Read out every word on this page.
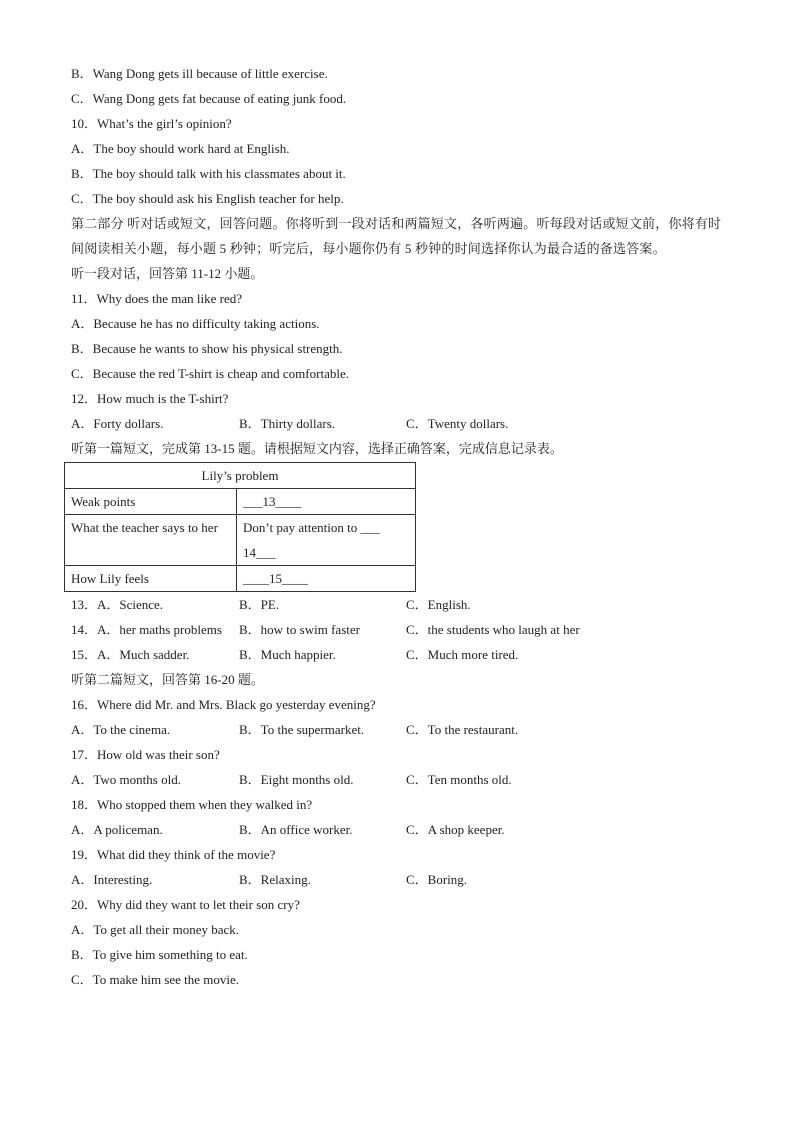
B．Wang Dong gets ill because of little exercise.
C．Wang Dong gets fat because of eating junk food.
10．What’s the girl’s opinion?
A．The boy should work hard at English.
B．The boy should talk with his classmates about it.
C．The boy should ask his English teacher for help.
第二部分 听对话或短文，回答问题。你将听到一段对话和两篇短文，各听两遍。听每段对话或短文前，你将有时间阅读相关小题，每小题 5 秒钟；听完后，每小题你仍有 5 秒钟的时间选择你认为最合适的备选答案。
听一段对话，回答第 11-12 小题。
11．Why does the man like red?
A．Because he has no difficulty taking actions.
B．Because he wants to show his physical strength.
C．Because the red T-shirt is cheap and comfortable.
12．How much is the T-shirt?
A．Forty dollars.	B．Thirty dollars.	C．Twenty dollars.
听第一篇短文，完成第 13-15 题。请根据短文内容，选择正确答案，完成信息记录表。
Lily’s problem	
Weak points	___13____
What the teacher says to her	Don’t pay attention to ___ 14___
How Lily feels	____15____
13．A．Science.	B．PE.	C．English.
14．A．her maths problems B．how to swim faster	C．the students who laugh at her
15．A．Much sadder.	B．Much happier.	C．Much more tired.
听第二篇短文，回答第 16-20 题。
16．Where did Mr. and Mrs. Black go yesterday evening?
A．To the cinema.	B．To the supermarket.	C．To the restaurant.
17．How old was their son?
A．Two months old.	B．Eight months old.	C．Ten months old.
18．Who stopped them when they walked in?
A．A policeman.	B．An office worker.	C．A shop keeper.
19．What did they think of the movie?
A．Interesting.	B．Relaxing.	C．Boring.
20．Why did they want to let their son cry?
A．To get all their money back.
B．To give him something to eat.
C．To make him see the movie.
